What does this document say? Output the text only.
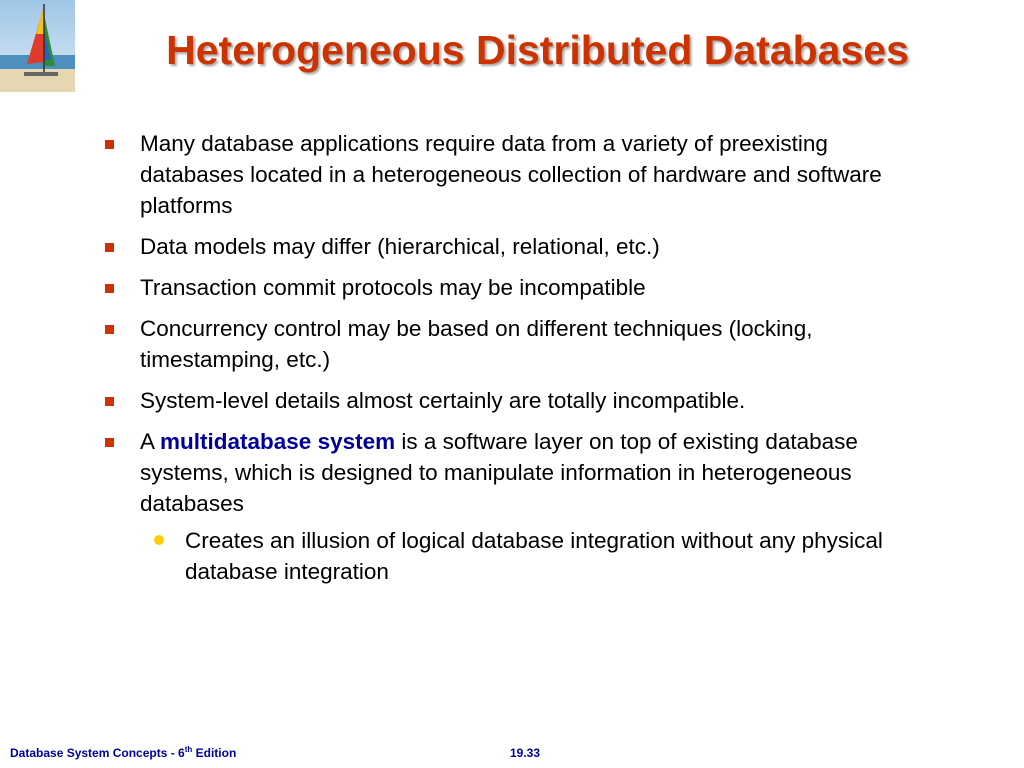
Heterogeneous Distributed Databases
Many database applications require data from a variety of preexisting databases located in a heterogeneous collection of hardware and software platforms
Data models may differ (hierarchical, relational, etc.)
Transaction commit protocols may be incompatible
Concurrency control may be based on different techniques (locking, timestamping, etc.)
System-level details almost certainly are totally incompatible.
A multidatabase system is a software layer on top of existing database systems, which is designed to manipulate information in heterogeneous databases
Creates an illusion of logical database integration without any physical database integration
Database System Concepts - 6th Edition	19.33
